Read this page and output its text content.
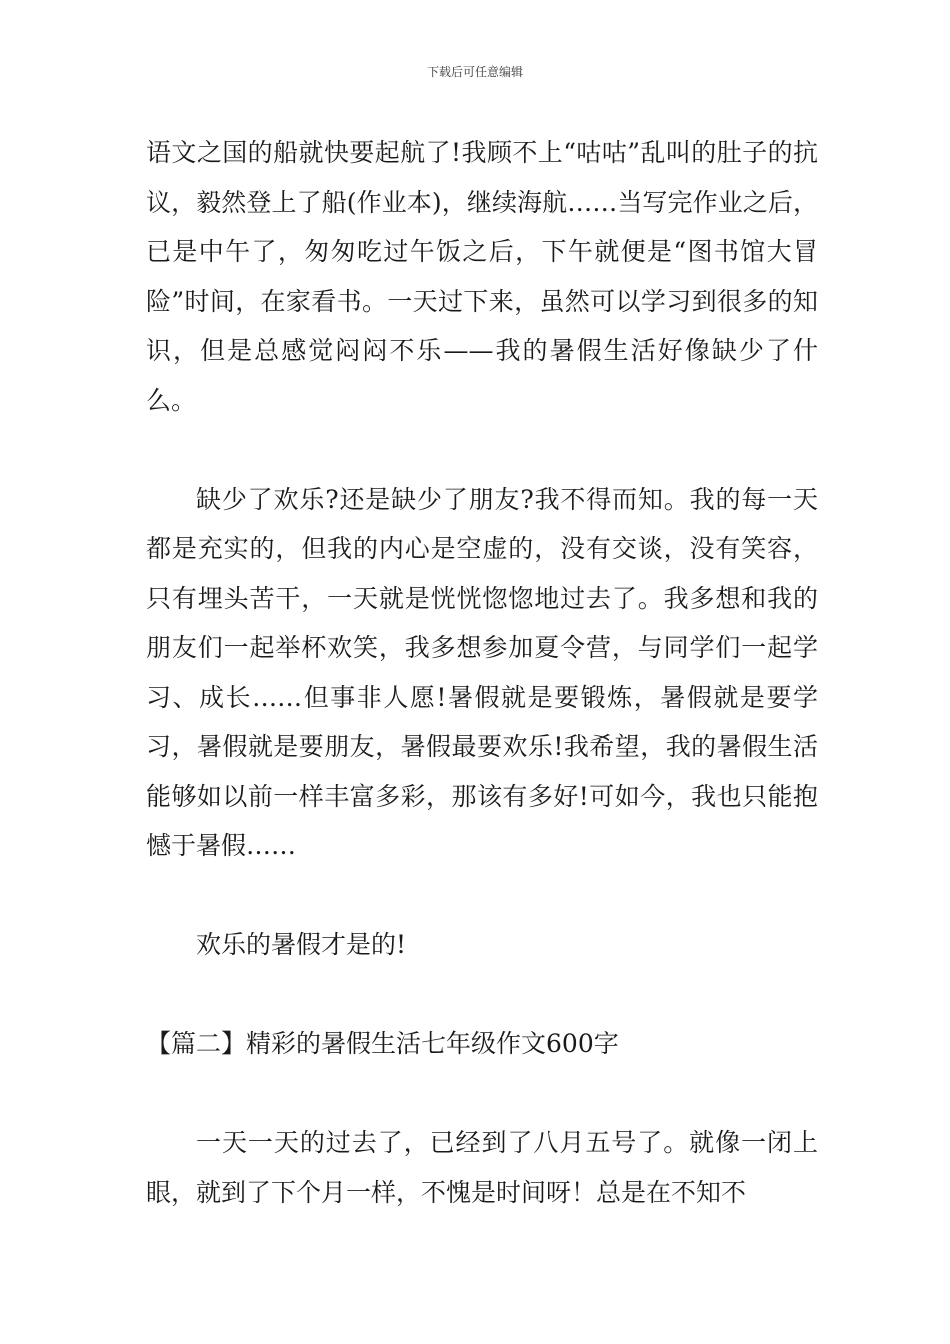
下载后可任意编辑

语文之国的船就快要起航了!我顾不上“咕咕”乱叫的肚子的抗 议，毅然登上了船(作业本)，继续海航……当写完作业之后，已是中午了，匆匆吃过午饭之后，下午就便是“图书馆大冒险”时间，在家看书。一天过下来，虽然可以学习到很多的知识，但是总感觉闷闷不乐——我的暑假生活好像缺少了什么。

缺少了欢乐?还是缺少了朋友?我不得而知。我的每一天都是充实的，但我的内心是空虚的，没有交谈，没有笑容，只有埋头苦干，一天就是恍恍惚惚地过去了。我多想和我的朋友们一起举杯欢笑，我多想参加夏令营，与同学们一起学习、成长……但事非人愿!暑假就是要锻炼，暑假就是要学习，暑假就是要朋友，暑假最要欢乐!我希望，我的暑假生活能够如以前一样丰富多彩，那该有多好!可如今，我也只能抱憾于暑假……

欢乐的暑假才是的!

【篇二】精彩的暑假生活七年级作文600字

一天一天的过去了，已经到了八月五号了。就像一闭上眼，就到了下个月一样，不愧是时间呀！总是在不知不
